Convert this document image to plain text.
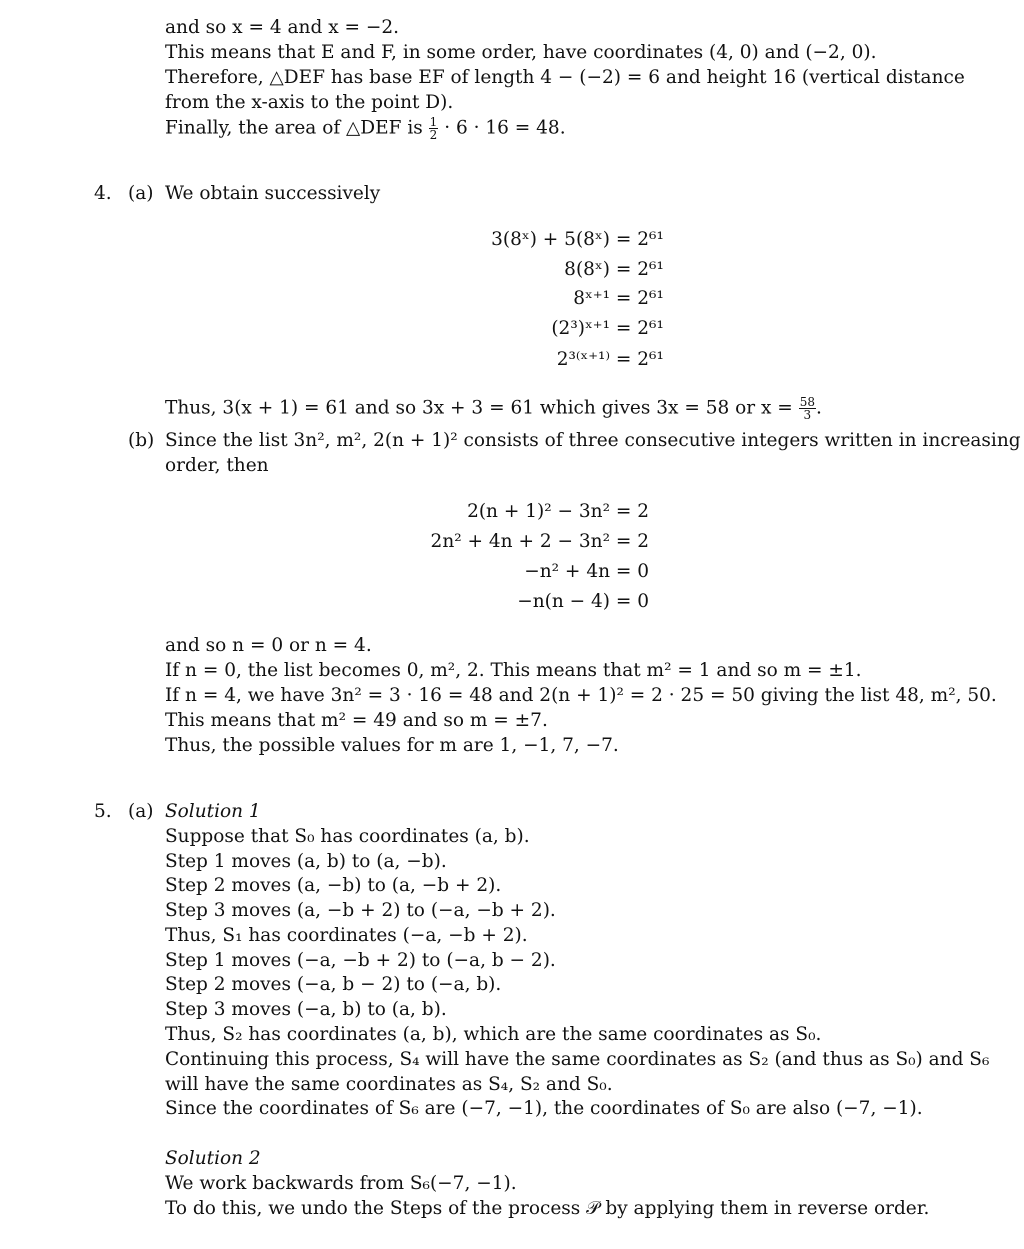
and so x = 4 and x = −2.
This means that E and F, in some order, have coordinates (4, 0) and (−2, 0).
Therefore, △DEF has base EF of length 4 − (−2) = 6 and height 16 (vertical distance
from the x-axis to the point D).
Finally, the area of △DEF is $\frac{1}{2} \cdot 6 \cdot 16 = 48$.
4. (a) We obtain successively
3(8ˣ) + 5(8ˣ) = 2⁶¹
8(8ˣ) = 2⁶¹
8ˣ⁺¹ = 2⁶¹
(2³)ˣ⁺¹ = 2⁶¹
2³⁽ˣ⁺¹⁾ = 2⁶¹
Thus, 3(x + 1) = 61 and so 3x + 3 = 61 which gives 3x = 58 or $x = \frac{58}{3}$ .
(b) Since the list 3n², m², 2(n + 1)² consists of three consecutive integers written in increasing
order, then
2(n + 1)² − 3n² = 2
2n² + 4n + 2 − 3n² = 2
−n² + 4n = 0
−n(n − 4) = 0
and so n = 0 or n = 4.
If n = 0, the list becomes 0, m², 2. This means that m² = 1 and so m = ±1.
If n = 4, we have 3n² = 3 · 16 = 48 and 2(n + 1)² = 2 · 25 = 50 giving the list 48, m², 50.
This means that m² = 49 and so m = ±7.
Thus, the possible values for m are 1, −1, 7, −7.
5. (a) Solution 1
Suppose that S₀ has coordinates (a, b).
Step 1 moves (a, b) to (a, −b).
Step 2 moves (a, −b) to (a, −b + 2).
Step 3 moves (a, −b + 2) to (−a, −b + 2).
Thus, S₁ has coordinates (−a, −b + 2).
Step 1 moves (−a, −b + 2) to (−a, b − 2).
Step 2 moves (−a, b − 2) to (−a, b).
Step 3 moves (−a, b) to (a, b).
Thus, S₂ has coordinates (a, b), which are the same coordinates as S₀.
Continuing this process, S₄ will have the same coordinates as S₂ (and thus as S₀) and S₆
will have the same coordinates as S₄, S₂ and S₀.
Since the coordinates of S₆ are (−7, −1), the coordinates of S₀ are also (−7, −1).
Solution 2
We work backwards from S₆(−7, −1).
To do this, we undo the Steps of the process 𝒫 by applying them in reverse order.
